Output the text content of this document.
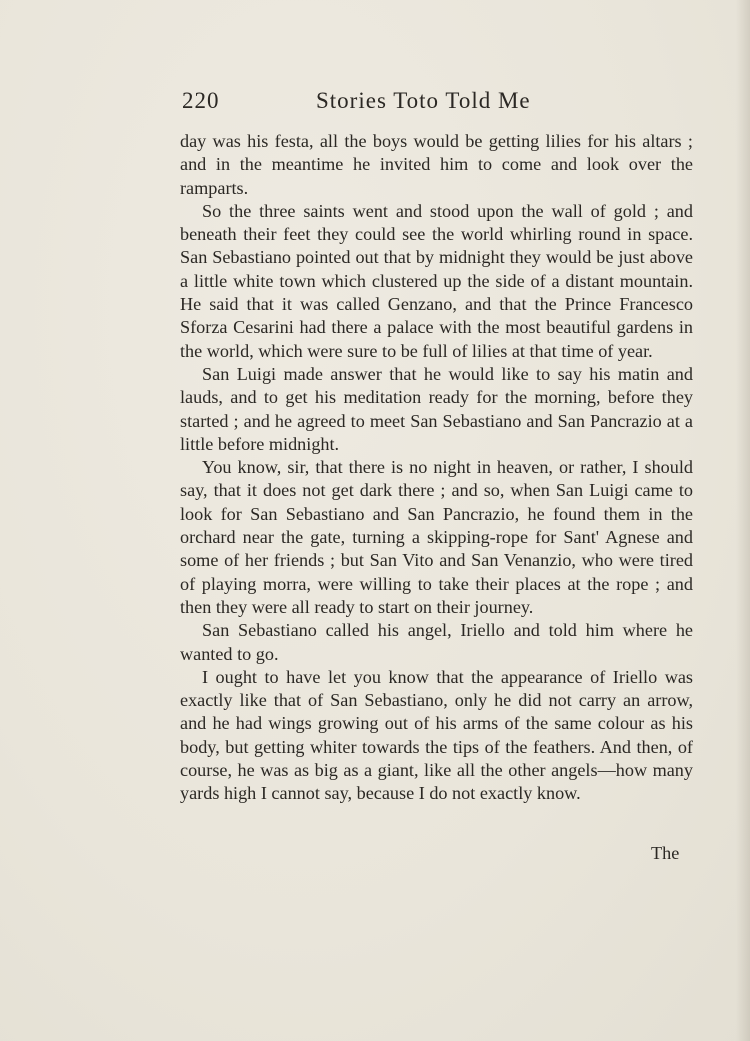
220	Stories Toto Told Me

day was his festa, all the boys would be getting lilies for his altars ; and in the meantime he invited him to come and look over the ramparts.

So the three saints went and stood upon the wall of gold ; and beneath their feet they could see the world whirling round in space. San Sebastiano pointed out that by midnight they would be just above a little white town which clustered up the side of a distant mountain. He said that it was called Genzano, and that the Prince Francesco Sforza Cesarini had there a palace with the most beautiful gardens in the world, which were sure to be full of lilies at that time of year.

San Luigi made answer that he would like to say his matin and lauds, and to get his meditation ready for the morning, before they started ; and he agreed to meet San Sebastiano and San Pancrazio at a little before midnight.

You know, sir, that there is no night in heaven, or rather, I should say, that it does not get dark there ; and so, when San Luigi came to look for San Sebastiano and San Pancrazio, he found them in the orchard near the gate, turning a skipping-rope for Sant' Agnese and some of her friends ; but San Vito and San Venanzio, who were tired of playing morra, were willing to take their places at the rope ; and then they were all ready to start on their journey.

San Sebastiano called his angel, Iriello and told him where he wanted to go.

I ought to have let you know that the appearance of Iriello was exactly like that of San Sebastiano, only he did not carry an arrow, and he had wings growing out of his arms of the same colour as his body, but getting whiter towards the tips of the feathers. And then, of course, he was as big as a giant, like all the other angels—how many yards high I cannot say, because I do not exactly know.

The
